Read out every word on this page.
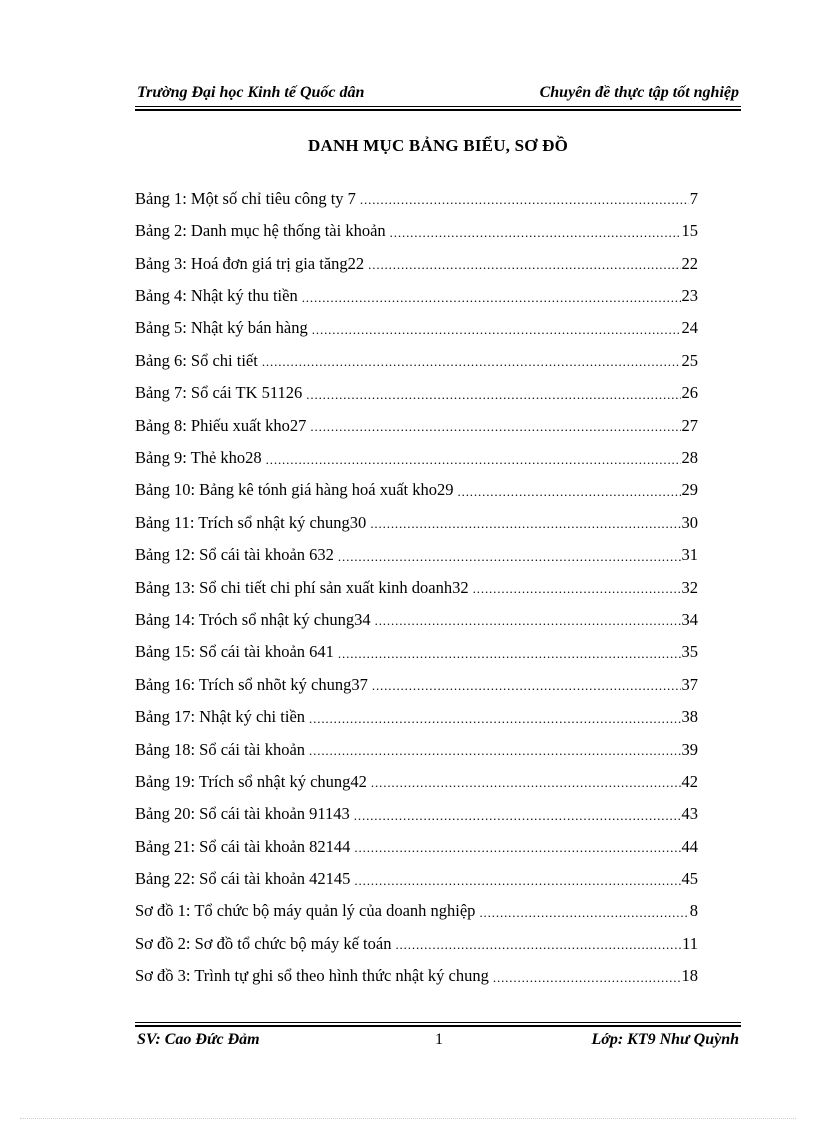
Trường Đại học Kinh tế Quốc dân	Chuyên đề thực tập tốt nghiệp
DANH MỤC BẢNG BIỂU, SƠ ĐỒ
Bảng 1: Một số chỉ tiêu công ty 7 . . .	7
Bảng 2: Danh mục hệ thống tài khoản . . .	15
Bảng 3: Hoá đơn giá trị gia tăng22 . . .	22
Bảng 4: Nhật ký thu tiền . . .	23
Bảng 5: Nhật ký bán hàng . . .	24
Bảng 6: Sổ chi tiết . . .	25
Bảng 7: Sổ cái TK 51126 . . .	26
Bảng 8: Phiếu xuất kho27 . . .	27
Bảng 9: Thẻ kho28 . . .	28
Bảng 10: Bảng kê tónh giá hàng hoá xuất kho29 . . .	29
Bảng 11: Trích sổ nhật ký chung30 . . .	30
Bảng 12: Sổ cái tài khoản 632 . . .	31
Bảng 13: Sổ chi tiết chi phí sản xuất kinh doanh32 . . .	32
Bảng 14: Tróch sổ nhật ký chung34 . . .	34
Bảng 15: Sổ cái tài khoản 641 . . .	35
Bảng 16: Trích sổ nhõt ký chung37 . . .	37
Bảng 17: Nhật ký chi tiền . . .	38
Bảng 18: Sổ cái tài khoản . . .	39
Bảng 19: Trích sổ nhật ký chung42 . . .	42
Bảng 20: Sổ cái tài khoản 91143 . . .	43
Bảng 21: Sổ cái tài khoản 82144 . . .	44
Bảng 22: Sổ cái tài khoản 42145 . . .	45
Sơ đồ 1: Tổ chức bộ máy quản lý của doanh nghiệp . . .	8
Sơ đồ 2: Sơ đồ tổ chức bộ máy kế toán . . .	11
Sơ đồ 3: Trình tự ghi sổ theo hình thức nhật ký chung . . .	18
SV: Cao Đức Đảm	1	Lớp: KT9 Như Quỳnh
